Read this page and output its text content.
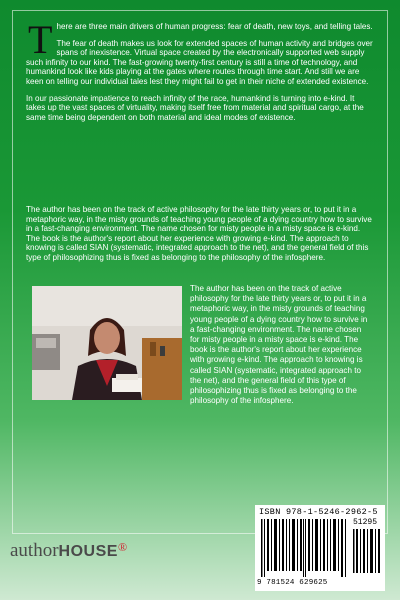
There are three main drivers of human progress: fear of death, new toys, and telling tales.

The fear of death makes us look for extended spaces of human activity and bridges over spans of inexistence. Virtual space created by the electronically supported web supply such infinity to our kind. The fast-growing twenty-first century is still a time of technology, and humankind look like kids playing at the gates where routes through time start. And still we are keen on telling our individual tales lest they might fail to get in their niche of extended existence.

In our passionate impatience to reach infinity of the race, humankind is turning into e-kind. It takes up the vast spaces of virtuality, making itself free from material and spiritual cargo, at the same time being dependent on both material and ideal modes of existence.

The author has been on the track of active philosophy for the late thirty years or, to put it in a metaphoric way, in the misty grounds of teaching young people of a dying country how to survive in a fast-changing environment. The name chosen for misty people in a misty space is e-kind. The book is the author's report about her experience with growing e-kind. The approach to knowing is called SIAN (systematic, integrated approach to the net), and the general field of this type of philosophizing thus is fixed as belonging to the philosophy of the infosphere.

The author has been on the track of active philosophy for the late thirty years or, to put it in a metaphoric way, in the misty grounds of teaching young people of a dying country how to survive in a fast-changing environment. The name chosen for misty people in a misty space is e-kind. The book is the author's report about her experience with growing e-kind. The approach to knowing is called SIAN (systematic, integrated approach to the net), and the general field of this type of philosophizing thus is fixed as belonging to the philosophy of the infosphere.

ISBN 978-1-5246-2962-5
51295
9 781524 629625
authorHOUSE®
